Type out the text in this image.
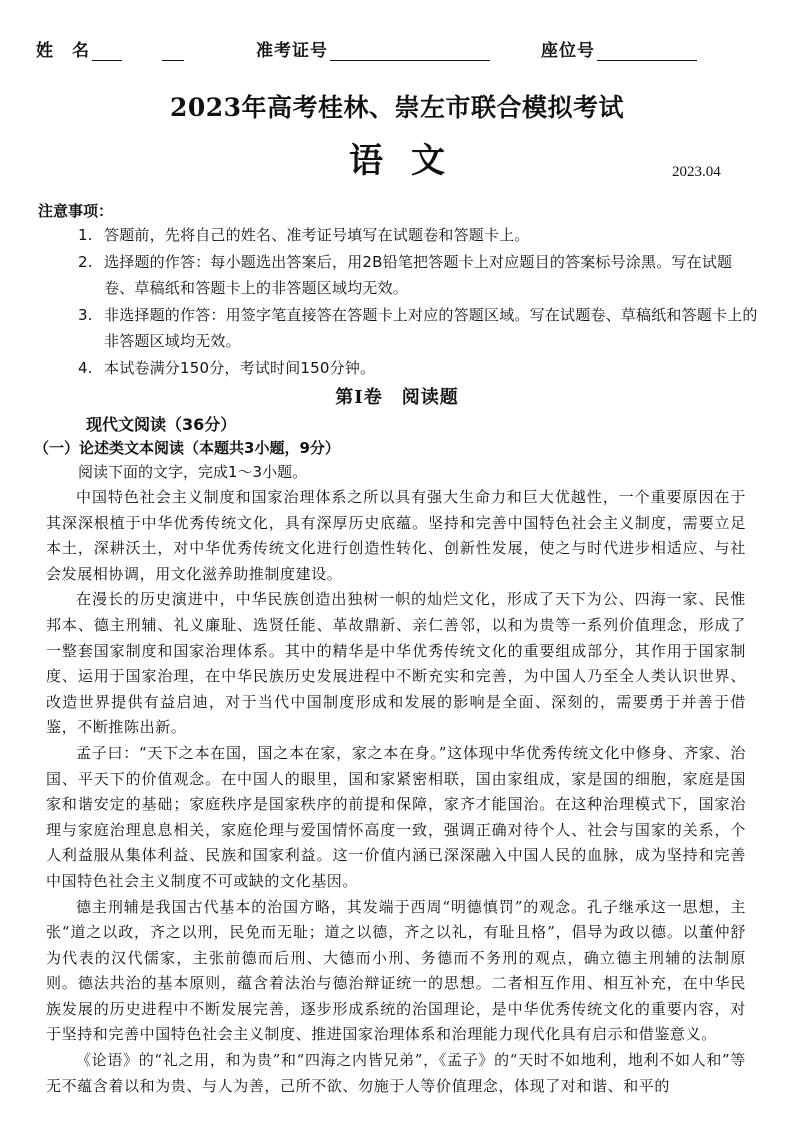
姓　名	准考证号	座位号
2023年高考桂林、崇左市联合模拟考试
语文	2023.04
注意事项：
1. 答题前，先将自己的姓名、准考证号填写在试题卷和答题卡上。
2. 选择题的作答：每小题选出答案后，用2B铅笔把答题卡上对应题目的答案标号涂黑。写在试题卷、草稿纸和答题卡上的非答题区域均无效。
3. 非选择题的作答：用签字笔直接答在答题卡上对应的答题区域。写在试题卷、草稿纸和答题卡上的非答题区域均无效。
4. 本试卷满分150分，考试时间150分钟。
第Ⅰ卷　阅读题
现代文阅读（36分）
（一）论述类文本阅读（本题共3小题，9分）
阅读下面的文字，完成1～3小题。

中国特色社会主义制度和国家治理体系之所以具有强大生命力和巨大优越性，一个重要原因在于其深深根植于中华优秀传统文化，具有深厚历史底蕴。坚持和完善中国特色社会主义制度，需要立足本土，深耕沃土，对中华优秀传统文化进行创造性转化、创新性发展，使之与时代进步相适应、与社会发展相协调，用文化滋养助推制度建设。

在漫长的历史演进中，中华民族创造出独树一帜的灿烂文化，形成了天下为公、四海一家、民惟邦本、德主刑辅、礼义廉耻、选贤任能、革故鼎新、亲仁善邻，以和为贵等一系列价值理念，形成了一整套国家制度和国家治理体系。其中的精华是中华优秀传统文化的重要组成部分，其作用于国家制度、运用于国家治理，在中华民族历史发展进程中不断充实和完善，为中国人乃至全人类认识世界、改造世界提供有益启迪，对于当代中国制度形成和发展的影响是全面、深刻的，需要勇于并善于借鉴，不断推陈出新。

孟子曰：“天下之本在国，国之本在家，家之本在身。”这体现中华优秀传统文化中修身、齐家、治国、平天下的价值观念。在中国人的眼里，国和家紧密相联，国由家组成，家是国的细胞，家庭是国家和谐安定的基础；家庭秩序是国家秩序的前提和保障，家齐才能国治。在这种治理模式下，国家治理与家庭治理息息相关，家庭伦理与爱国情怀高度一致，强调正确对待个人、社会与国家的关系，个人利益服从集体利益、民族和国家利益。这一价值内涵已深深融入中国人民的血脉，成为坚持和完善中国特色社会主义制度不可或缺的文化基因。

德主刑辅是我国古代基本的治国方略，其发端于西周“明德慎罚”的观念。孔子继承这一思想，主张“道之以政，齐之以刑，民免而无耻；道之以德，齐之以礼，有耻且格”，倡导为政以德。以董仲舒为代表的汉代儒家，主张前德而后刑、大德而小刑、务德而不务刑的观点，确立德主刑辅的法制原则。德法共治的基本原则，蕴含着法治与德治辩证统一的思想。二者相互作用、相互补充，在中华民族发展的历史进程中不断发展完善，逐步形成系统的治国理论，是中华优秀传统文化的重要内容，对于坚持和完善中国特色社会主义制度、推进国家治理体系和治理能力现代化具有启示和借鉴意义。

《论语》的“礼之用，和为贵”和“四海之内皆兄弟”，《孟子》的“天时不如地利，地利不如人和”等无不蕴含着以和为贵、与人为善，己所不欲、勿施于人等价值理念，体现了对和谐、和平的
